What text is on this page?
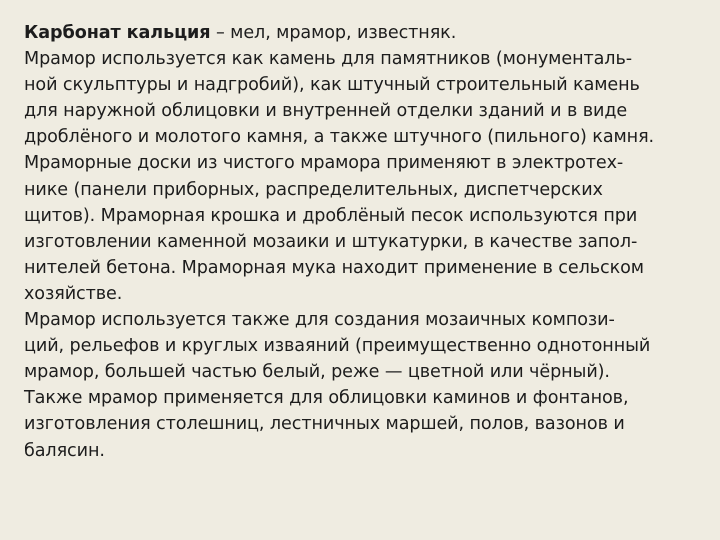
Карбонат кальция – мел, мрамор, известняк.
Мрамор используется как камень для памятников (монументаль-
ной скульптуры и надгробий), как штучный строительный камень
для наружной облицовки и внутренней отделки зданий и в виде
дроблёного и молотого камня, а также штучного (пильного) камня.
Мраморные доски из чистого мрамора применяют в электротех-
нике (панели приборных, распределительных, диспетчерских
щитов). Мраморная крошка и дроблёный песок используются при
изготовлении каменной мозаики и штукатурки, в качестве запол-
нителей бетона. Мраморная мука находит применение в сельском
хозяйстве.
Мрамор используется также для создания мозаичных компози-
ций, рельефов и круглых изваяний (преимущественно однотонный
мрамор, большей частью белый, реже — цветной или чёрный).
Также мрамор применяется для облицовки каминов и фонтанов,
изготовления столешниц, лестничных маршей, полов, вазонов и
балясин.
